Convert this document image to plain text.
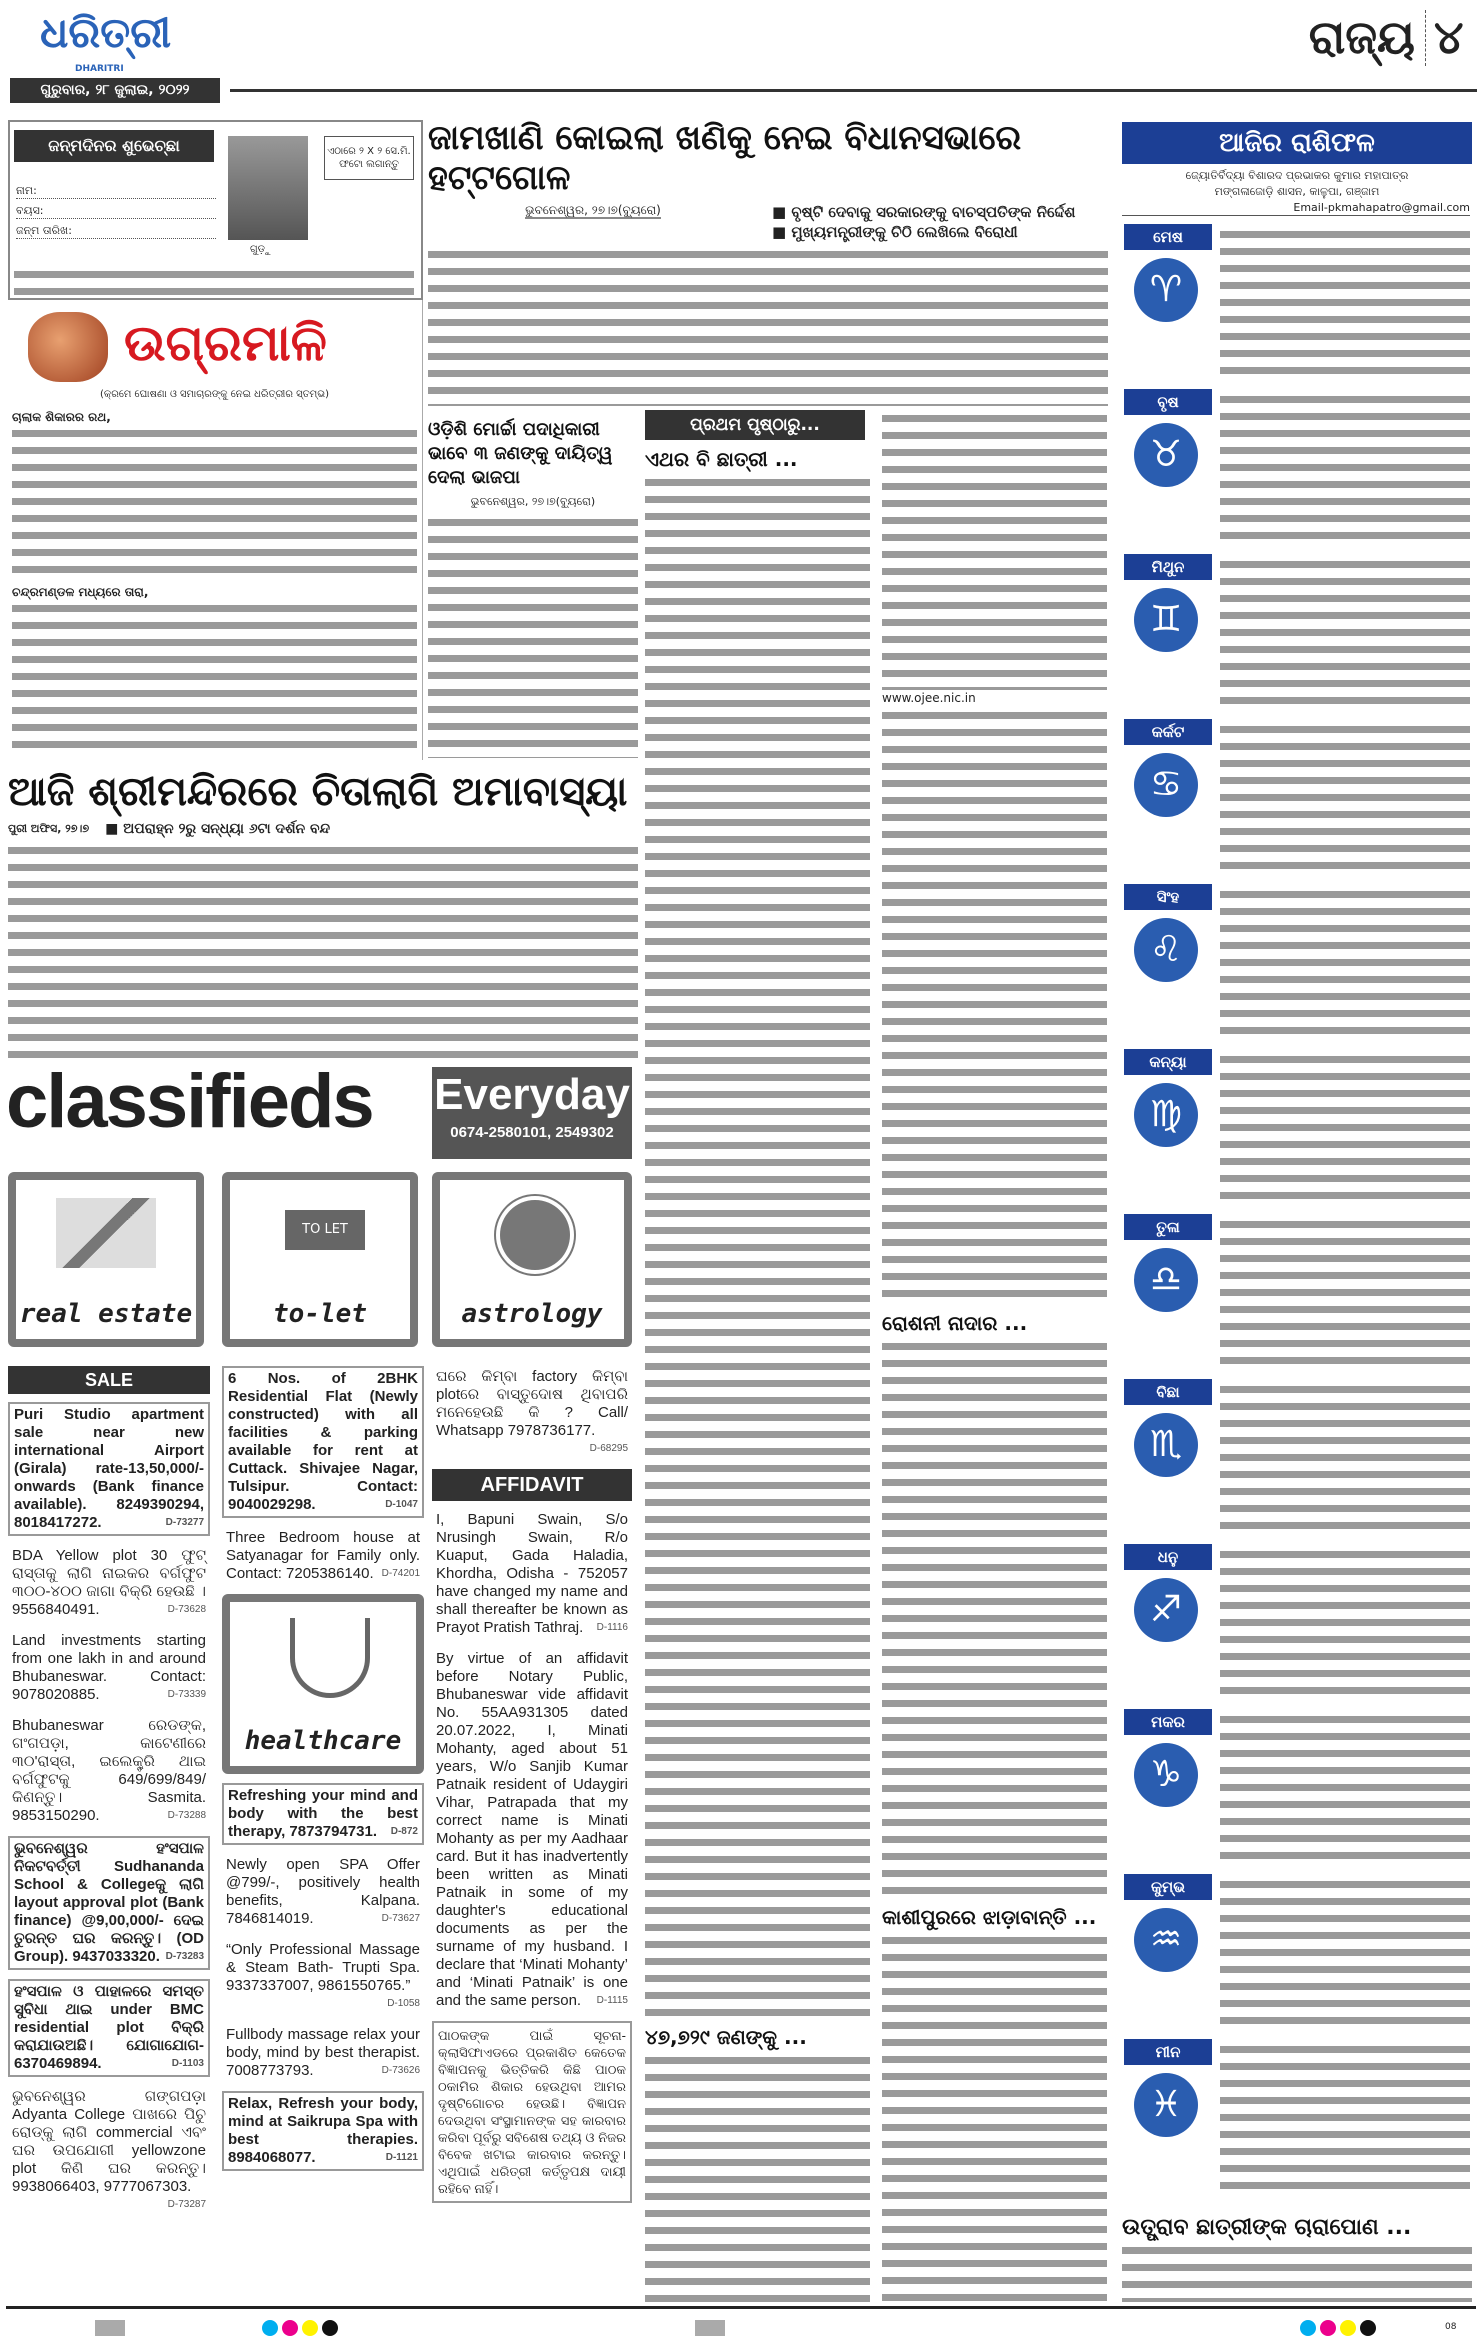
ଧରିତ୍ରୀ
DHARITRI
ଗୁରୁବାର, ୨୮ ଜୁଲାଇ, ୨୦୨୨
ରାଜ୍ୟ ୪
ଜନ୍ମଦିନର ଶୁଭେଚ୍ଛା
ନାମ:
ବୟସ:
ଜନ୍ମ ତାରିଖ:
ଗୁଡ଼ୁ
ଏଠାରେ ୨ X ୨ ସେ.ମି. ଫଟୋ ଲଗାନ୍ତୁ
ଜାମଖାଣି କୋଇଲା ଖଣିକୁ ନେଇ ବିଧାନସଭାରେ ହଟ୍ଟଗୋଳ
ଭୁବନେଶ୍ୱର, ୨୭।୭(ବ୍ୟୁରୋ)	■ ବୃଷ୍ଟି ଦେବାକୁ ସରକାରଙ୍କୁ ବାଚସ୍ପତିଙ୍କ ନିର୍ଦ୍ଦେଶ
■ ମୁଖ୍ୟମନ୍ତ୍ରୀଙ୍କୁ ଚିଠି ଲେଖିଲେ ବିରୋଧୀ
ଉଗ୍ରମାଳି
(କ୍ରମେ ଘୋଷଣା ଓ ସମାଚାରଙ୍କୁ ନେଇ ଧରିତ୍ରୀର ସ୍ତମ୍ଭ)
ଚାଲାକ ଶିକାରର ରଥ,
ଚନ୍ଦ୍ରମଣ୍ଡଳ ମଧ୍ୟରେ ତାରା,
ଓଡ଼ିଶି ମୋର୍ଚ୍ଚା ପଦାଧିକାରୀ ଭାବେ ୩ ଜଣଙ୍କୁ ଦାୟିତ୍ୱ ଦେଲା ଭାଜପା
ଭୁବନେଶ୍ୱର, ୨୭।୭(ବ୍ୟୁରୋ)
ଆଜି ଶ୍ରୀମନ୍ଦିରରେ ଚିତାଲାଗି ଅମାବାସ୍ୟା
ପୁରୀ ଅଫିସ, ୨୭।୭ ■ ଅପରାହ୍ନ ୨ରୁ ସନ୍ଧ୍ୟା ୬ଟା ଦର୍ଶନ ବନ୍ଦ
ପ୍ରଥମ ପୃଷ୍ଠାରୁ...
ଏଥର ବି ଛାତ୍ରୀ ...
୪୭,୭୨୯ ଜଣଙ୍କୁ ...
www.ojee.nic.in
ରୋଶନୀ ନାଦାର ...
କାଶୀପୁରରେ ଝାଡ଼ାବାନ୍ତି ...
ଆଜିର ରାଶିଫଳ
ଜ୍ୟୋତିର୍ବିଦ୍ୟା ବିଶାରଦ ପ୍ରଭାକର କୁମାର ମହାପାତ୍ର
ମଙ୍ଗଳାଜୋଡ଼ି ଶାସନ, କାଳୁପା, ଗଞ୍ଜାମ
Email-pkmahapatro@gmail.com
ମେଷ
♈
ବୃଷ
♉
ମିଥୁନ
♊
କର୍କଟ
♋
ସିଂହ
♌
କନ୍ୟା
♍
ତୁଳା
♎
ବିଛା
♏
ଧନୁ
♐
ମକର
♑
କୁମ୍ଭ
♒
ମୀନ
♓
ଉତ୍ପ୍ରାବ ଛାତ୍ରୀଙ୍କ ଚାରାପୋଣ ...
classifieds Everyday
0674-2580101, 2549302
real estate
TO LET
to-let	astrology
SALE
Puri Studio apartment sale near new international Airport (Girala) rate-13,50,000/- onwards (Bank finance available). 8249390294, 8018417272.	D-73277
BDA Yellow plot 30 ଫୁଟ୍ ରାସ୍ତାକୁ ଲାଗି ନାଇକର ବର୍ଗଫୁଟ ୩୦୦-୪୦୦ ଜାଗା ବିକ୍ରି ହେଉଛି । 9556840491.	D-73628
Land investments starting from one lakh in and around Bhubaneswar. Contact: 9078020885.	D-73339
Bhubaneswar ରେଡଙ୍କ, ଗଂଗପଡ଼ା, କାଟେଣୀରେ ୩୦'ରାସ୍ତା, ଇଲେକ୍ଟ୍ରି ଥାଇ ବର୍ଗଫୁଟକୁ 649/699/849/ କିଣନ୍ତୁ। Sasmita. 9853150290.	D-73288
ଭୁବନେଶ୍ୱର ହଂସପାଳ ନିକଟବର୍ତ୍ତୀ Sudhananda School & Collegeକୁ ଲାଗି layout approval plot (Bank finance) @9,00,000/- ଦେଇ ତୁରନ୍ତ ଘର କରନ୍ତୁ। (OD Group). 9437033320. D-73283
ହଂସପାଳ ଓ ପାହାଳରେ ସମସ୍ତ ସୁବିଧା ଥାଇ under BMC residential plot ବିକ୍ରି କରାଯାଉଅଛି। ଯୋଗାଯୋଗ- 6370469894.	D-1103
ଭୁବନେଶ୍ୱର ଗଙ୍ଗପଡ଼ା Adyanta College ପାଖରେ ପିଚୁ ରୋଡ୍‌କୁ ଲାଗି commercial ଏବଂ ଘର ଉପଯୋଗୀ yellowzone plot କିଣି ଘର କରନ୍ତୁ। 9938066403, 9777067303.
D-73287
6 Nos. of 2BHK Residential Flat (Newly constructed) with all facilities & parking available for rent at Cuttack. Shivajee Nagar, Tulsipur. Contact: 9040029298.	D-1047
Three Bedroom house at Satyanagar for Family only. Contact: 7205386140. D-74201
healthcare
Refreshing your mind and body with the best therapy, 7873794731. D-872
Newly open SPA Offer @799/-, positively health benefits, Kalpana. 7846814019.	D-73627
“Only Professional Massage & Steam Bath- Trupti Spa. 9337337007, 9861550765.”
D-1058
Fullbody massage relax your body, mind by best therapist. 7008773793.	D-73626
Relax, Refresh your body, mind at Saikrupa Spa with best therapies. 8984068077.	D-1121
ଘରେ କିମ୍ବା factory କିମ୍ବା plotରେ ବାସ୍ତୁଦୋଷ ଥିବାପରି ମନେହେଉଛି କି ? Call/ Whatsapp 7978736177.
D-68295
AFFIDAVIT
I, Bapuni Swain, S/o Nrusingh Swain, R/o Kuaput, Gada Haladia, Khordha, Odisha - 752057 have changed my name and shall thereafter be known as Prayot Pratish Tathraj. D-1116
By virtue of an affidavit before Notary Public, Bhubaneswar vide affidavit No. 55AA931305 dated 20.07.2022, I, Minati Mohanty, aged about 51 years, W/o Sanjib Kumar Patnaik resident of Udaygiri Vihar, Patrapada that my correct name is Minati Mohanty as per my Aadhaar card. But it has inadvertently been written as Minati Patnaik in some of my daughter's educational documents as per the surname of my husband. I declare that ‘Minati Mohanty’ and ‘Minati Patnaik’ is one and the same person. D-1115
ପାଠକଙ୍କ ପାଇଁ ସୂଚନା- କ୍ଲାସିଫାଏଡରେ ପ୍ରକାଶିତ କେତେକ ବିଜ୍ଞାପନକୁ ଭିତ୍ତିକରି କିଛି ପାଠକ ଠକାମିର ଶିକାର ହେଉଥିବା ଆମର ଦୃଷ୍ଟିଗୋଚର ହେଉଛି। ବିଜ୍ଞାପନ ଦେଉଥିବା ସଂସ୍ଥାମାନଙ୍କ ସହ କାରବାର କରିବା ପୂର୍ବରୁ ସବିଶେଷ ତଥ୍ୟ ଓ ନିଜର ବିବେକ ଖଟାଇ କାରବାର କରନ୍ତୁ। ଏଥିପାଇଁ ଧରିତ୍ରୀ କର୍ତ୍ତୃପକ୍ଷ ଦାୟୀ ରହିବେ ନାହିଁ।
08
